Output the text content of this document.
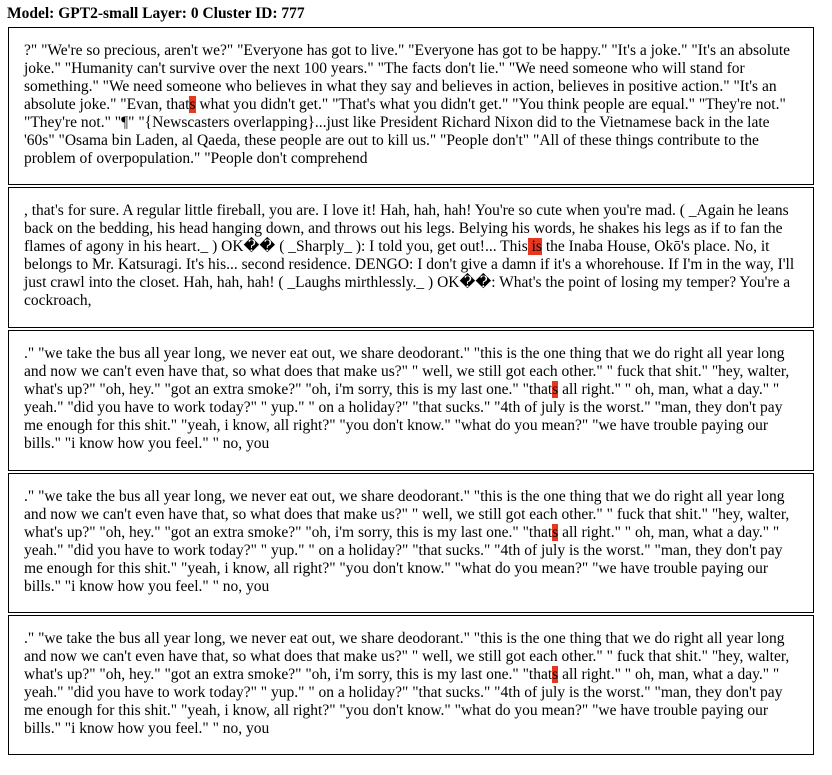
Model: GPT2-small Layer: 0 Cluster ID: 777
?" "We're so precious, aren't we?" "Everyone has got to live." "Everyone has got to be happy." "It's a joke." "It's an absolute joke." "Humanity can't survive over the next 100 years." "The facts don't lie." "We need someone who will stand for something." "We need someone who believes in what they say and believes in action, believes in positive action." "It's an absolute joke." "Evan, thats what you didn't get." "That's what you didn't get." "You think people are equal." "They're not." "They're not." "¶" "{Newscasters overlapping}...just like President Richard Nixon did to the Vietnamese back in the late '60s" "Osama bin Laden, al Qaeda, these people are out to kill us." "People don't" "All of these things contribute to the problem of overpopulation." "People don't comprehend
, that's for sure. A regular little fireball, you are. I love it! Hah, hah, hah! You're so cute when you're mad. ( _Again he leans back on the bedding, his head hanging down, and throws out his legs. Belying his words, he shakes his legs as if to fan the flames of agony in his heart._ ) OK�� ( _Sharply_ ): I told you, get out!... This is the Inaba House, Okō's place. No, it belongs to Mr. Katsuragi. It's his... second residence. DENGO: I don't give a damn if it's a whorehouse. If I'm in the way, I'll just crawl into the closet. Hah, hah, hah! ( _Laughs mirthlessly._ ) OK��: What's the point of losing my temper? You're a cockroach,
." "we take the bus all year long, we never eat out, we share deodorant." "this is the one thing that we do right all year long and now we can't even have that, so what does that make us?" " well, we still got each other." " fuck that shit." "hey, walter, what's up?" "oh, hey." "got an extra smoke?" "oh, i'm sorry, this is my last one." "thats all right." " oh, man, what a day." " yeah." "did you have to work today?" " yup." " on a holiday?" "that sucks." "4th of july is the worst." "man, they don't pay me enough for this shit." "yeah, i know, all right?" "you don't know." "what do you mean?" "we have trouble paying our bills." "i know how you feel." " no, you
." "we take the bus all year long, we never eat out, we share deodorant." "this is the one thing that we do right all year long and now we can't even have that, so what does that make us?" " well, we still got each other." " fuck that shit." "hey, walter, what's up?" "oh, hey." "got an extra smoke?" "oh, i'm sorry, this is my last one." "thats all right." " oh, man, what a day." " yeah." "did you have to work today?" " yup." " on a holiday?" "that sucks." "4th of july is the worst." "man, they don't pay me enough for this shit." "yeah, i know, all right?" "you don't know." "what do you mean?" "we have trouble paying our bills." "i know how you feel." " no, you
." "we take the bus all year long, we never eat out, we share deodorant." "this is the one thing that we do right all year long and now we can't even have that, so what does that make us?" " well, we still got each other." " fuck that shit." "hey, walter, what's up?" "oh, hey." "got an extra smoke?" "oh, i'm sorry, this is my last one." "thats all right." " oh, man, what a day." " yeah." "did you have to work today?" " yup." " on a holiday?" "that sucks." "4th of july is the worst." "man, they don't pay me enough for this shit." "yeah, i know, all right?" "you don't know." "what do you mean?" "we have trouble paying our bills." "i know how you feel." " no, you
